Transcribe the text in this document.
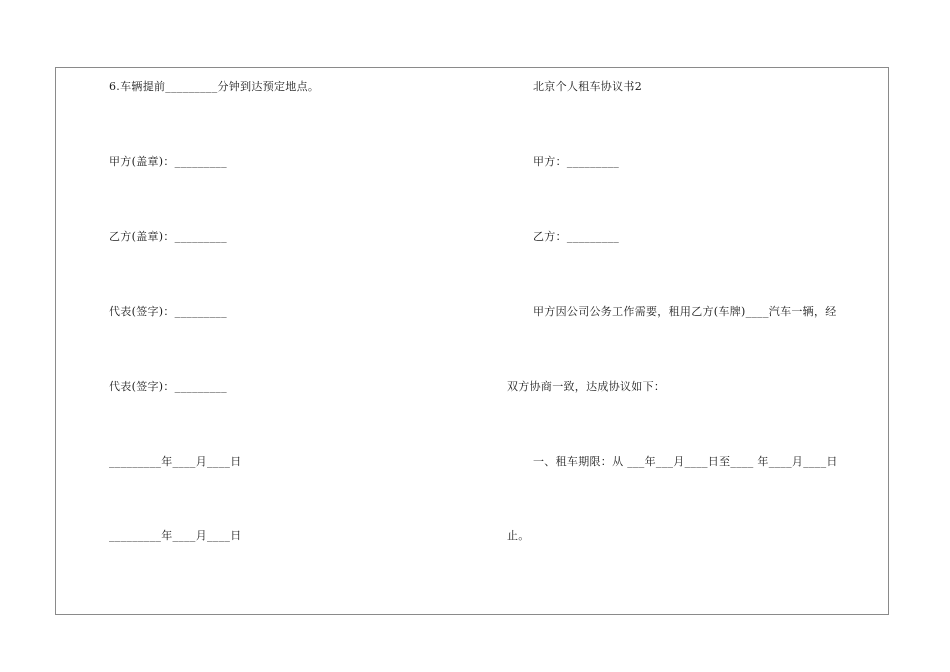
6.车辆提前_________分钟到达预定地点。
甲方(盖章)：_________
乙方(盖章)：_________
代表(签字)：_________
代表(签字)：_________
_________年____月____日
_________年____月____日
北京个人租车协议书2
甲方：_________
乙方：_________
甲方因公司公务工作需要，租用乙方(车牌)____汽车一辆，经
双方协商一致，达成协议如下：
一、租车期限：从 ___年___月____日至____ 年____月____日
止。
